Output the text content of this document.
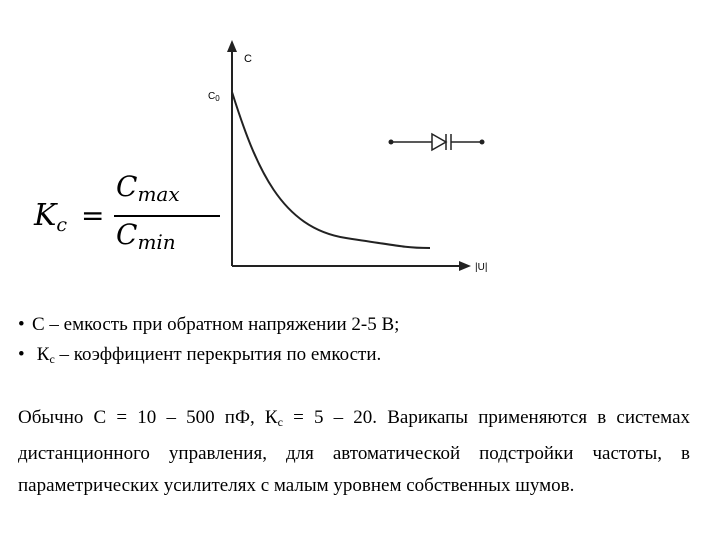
$K_c$ =
Cmax
Cmin
C
$C_0$
|U|
• C – емкость при обратном напряжении 2-5 В;
• Кc – коэффициент перекрытия по емкости.
Обычно С = 10 – 500 пФ, Кс = 5 – 20. Варикапы применяются в системах дистанционного управления, для автоматической подстройки частоты, в параметрических усилителях с малым уровнем собственных шумов.
